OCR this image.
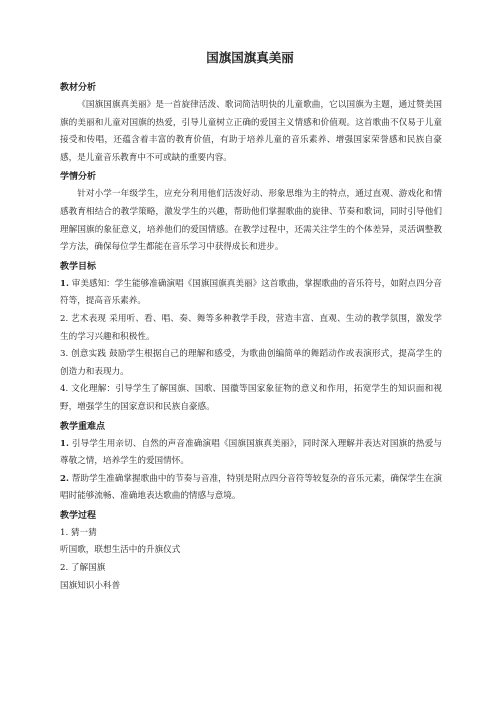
国旗国旗真美丽

教材分析

《国旗国旗真美丽》是一首旋律活泼、歌词简洁明快的儿童歌曲，它以国旗为主题，通过赞美国旗的美丽和儿童对国旗的热爱，引导儿童树立正确的爱国主义情感和价值观。这首歌曲不仅易于儿童接受和传唱，还蕴含着丰富的教育价值，有助于培养儿童的音乐素养、增强国家荣誉感和民族自豪感，是儿童音乐教育中不可或缺的重要内容。

学情分析

针对小学一年级学生，应充分利用他们活泼好动、形象思维为主的特点，通过直观、游戏化和情感教育相结合的教学策略，激发学生的兴趣，帮助他们掌握歌曲的旋律、节奏和歌词，同时引导他们理解国旗的象征意义，培养他们的爱国情感。在教学过程中，还需关注学生的个体差异，灵活调整教学方法，确保每位学生都能在音乐学习中获得成长和进步。

教学目标

1. 审美感知：学生能够准确演唱《国旗国旗真美丽》这首歌曲，掌握歌曲的音乐符号，如附点四分音符等，提高音乐素养。

2. 艺术表现 采用听、看、唱、奏、舞等多种教学手段，营造丰富、直观、生动的教学氛围，激发学生的学习兴趣和积极性。

3. 创意实践 鼓励学生根据自己的理解和感受，为歌曲创编简单的舞蹈动作或表演形式，提高学生的创造力和表现力。

4. 文化理解：引导学生了解国旗、国歌、国徽等国家象征物的意义和作用，拓宽学生的知识面和视野，增强学生的国家意识和民族自豪感。

教学重难点

1. 引导学生用亲切、自然的声音准确演唱《国旗国旗真美丽》，同时深入理解并表达对国旗的热爱与尊敬之情，培养学生的爱国情怀。

2. 帮助学生准确掌握歌曲中的节奏与音准，特别是附点四分音符等较复杂的音乐元素，确保学生在演唱时能够流畅、准确地表达歌曲的情感与意境。

教学过程

1. 猜一猜

听国歌，联想生活中的升旗仪式

2. 了解国旗

国旗知识小科普
